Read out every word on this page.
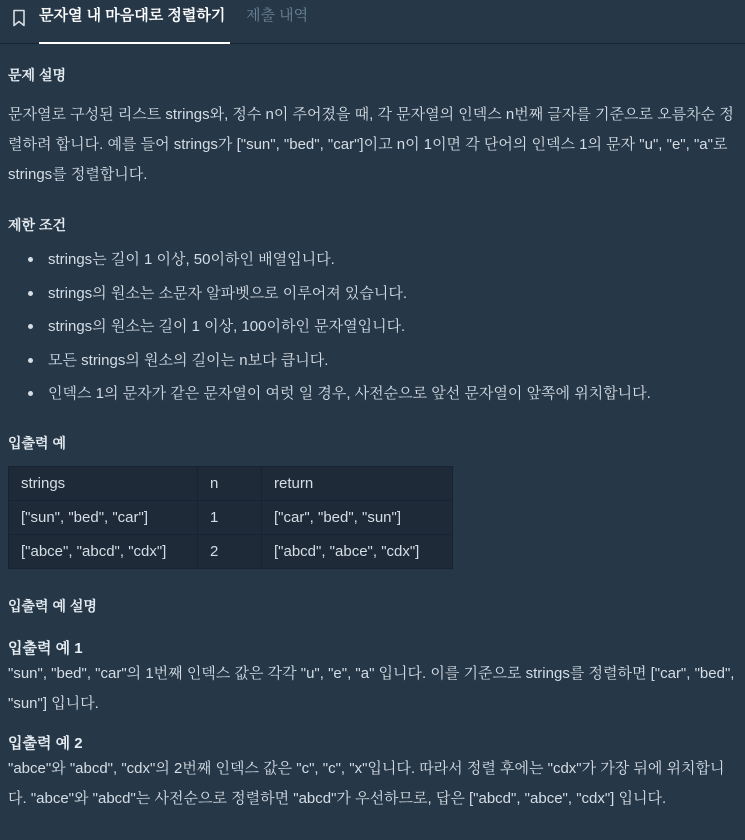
문자열 내 마음대로 정렬하기	제출 내역
문제 설명

문자열로 구성된 리스트 strings와, 정수 n이 주어졌을 때, 각 문자열의 인덱스 n번째 글자를 기준으로 오름차순 정렬하려 합니다. 예를 들어 strings가 ["sun", "bed", "car"]이고 n이 1이면 각 단어의 인덱스 1의 문자 "u", "e", "a"로 strings를 정렬합니다.

제한 조건
strings는 길이 1 이상, 50이하인 배열입니다.
strings의 원소는 소문자 알파벳으로 이루어져 있습니다.
strings의 원소는 길이 1 이상, 100이하인 문자열입니다.
모든 strings의 원소의 길이는 n보다 큽니다.
인덱스 1의 문자가 같은 문자열이 여럿 일 경우, 사전순으로 앞선 문자열이 앞쪽에 위치합니다.
입출력 예
strings	n	return
["sun", "bed", "car"]	1	["car", "bed", "sun"]
["abce", "abcd", "cdx"]	2	["abcd", "abce", "cdx"]
입출력 예 설명
입출력 예 1

"sun", "bed", "car"의 1번째 인덱스 값은 각각 "u", "e", "a" 입니다. 이를 기준으로 strings를 정렬하면 ["car", "bed", "sun"] 입니다.

입출력 예 2

"abce"와 "abcd", "cdx"의 2번째 인덱스 값은 "c", "c", "x"입니다. 따라서 정렬 후에는 "cdx"가 가장 뒤에 위치합니다. "abce"와 "abcd"는 사전순으로 정렬하면 "abcd"가 우선하므로, 답은 ["abcd", "abce", "cdx"] 입니다.
